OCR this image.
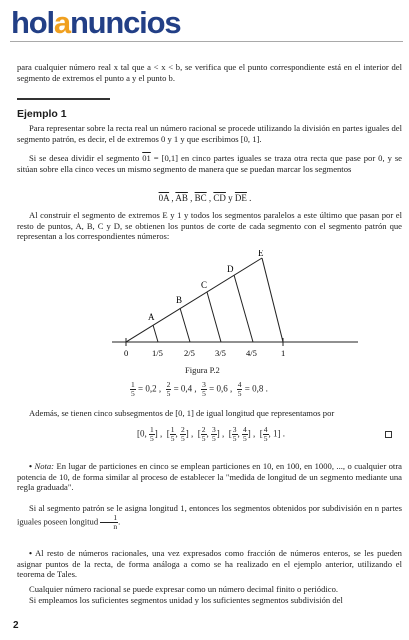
holanuncios
para cualquier número real x tal que a < x < b, se verifica que el punto correspondiente está en el interior del segmento de extremos el punto a y el punto b.
Ejemplo 1
Para representar sobre la recta real un número racional se procede utilizando la división en partes iguales del segmento patrón, es decir, el de extremos 0 y 1 y que escribimos [0, 1].
Si se desea dividir el segmento 01 = [0,1] en cinco partes iguales se traza otra recta que pase por 0, y se sitúan sobre ella cinco veces un mismo segmento de manera que se puedan marcar los segmentos
0A , $\overline{AB}$ , $\overline{BC}$ , $\overline{CD}$ y $\overline{DE}$ .
Al construir el segmento de extremos E y 1 y todos los segmentos paralelos a este último que pasan por el resto de puntos, A, B, C y D, se obtienen los puntos de corte de cada segmento con el segmento patrón que representan a los correspondientes números:
A
B
C
D
E
0	1/5 2/5 3/5 4/5	1
Figura P.2
$\frac{1}{5} = 0,2$ , $\frac{2}{5} = 0,4$ , $\frac{3}{5} = 0,6$ , $\frac{4}{5} = 0,8$ .
Además, se tienen cinco subsegmentos de [0, 1] de igual longitud que representamos por
[0, $\frac{1}{5}$ ] ,  [ $\frac{1}{5}$ , $\frac{2}{5}$ ] ,  [ $\frac{2}{5}$ , $\frac{3}{5}$ ] ,  [ $\frac{3}{5}$ , $\frac{4}{5}$ ] ,  [ $\frac{4}{5}$ , 1] .
• Nota: En lugar de particiones en cinco se emplean particiones en 10, en 100, en 1000, ..., o cualquier otra potencia de 10, de forma similar al proceso de establecer la "medida de longitud de un segmento mediante una regla graduada".
Si al segmento patrón se le asigna longitud 1, entonces los segmentos obtenidos por subdivisión en n partes iguales poseen longitud $\frac{1}{n}$ .
• Al resto de números racionales, una vez expresados como fracción de números enteros, se les pueden asignar puntos de la recta, de forma análoga a como se ha realizado en el ejemplo anterior, utilizando el teorema de Tales.
Cualquier número racional se puede expresar como un número decimal finito o periódico.
Si empleamos los suficientes segmentos unidad y los suficientes segmentos subdivisión del
2
